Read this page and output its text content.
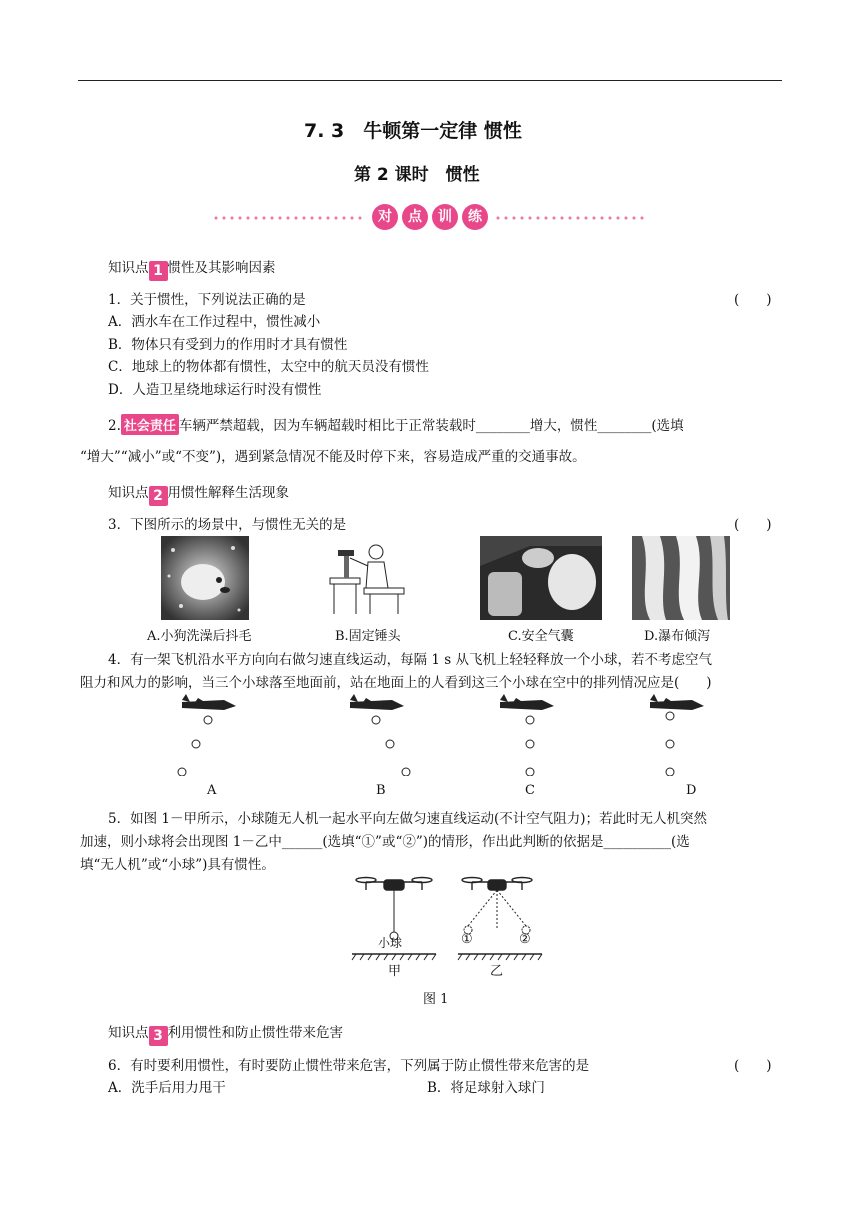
7. 3　牛顿第一定律 惯性
第 2 课时　惯性
对	点	训	练
知识点 1 惯性及其影响因素
1．关于惯性，下列说法正确的是	(　　)
A．洒水车在工作过程中，惯性减小
B．物体只有受到力的作用时才具有惯性
C．地球上的物体都有惯性，太空中的航天员没有惯性
D．人造卫星绕地球运行时没有惯性
2. 社会责任 车辆严禁超载，因为车辆超载时相比于正常装载时________增大，惯性________(选填
“增大”“减小”或“不变”)，遇到紧急情况不能及时停下来，容易造成严重的交通事故。
知识点 2 用惯性解释生活现象
3．下图所示的场景中，与惯性无关的是	(　　)
A.小狗洗澡后抖毛	B.固定锤头	C.安全气囊	D.瀑布倾泻
4．有一架飞机沿水平方向向右做匀速直线运动，每隔 1 s 从飞机上轻轻释放一个小球，若不考虑空气
阻力和风力的影响，当三个小球落至地面前，站在地面上的人看到这三个小球在空中的排列情况应是(　　)
A	B	C	D
5．如图 1－甲所示，小球随无人机一起水平向左做匀速直线运动(不计空气阻力)；若此时无人机突然
加速，则小球将会出现图 1－乙中______(选填“①”或“②”)的情形，作出此判断的依据是__________(选
填“无人机”或“小球”)具有惯性。
小球	①	②
甲	乙
图 1
知识点 3 利用惯性和防止惯性带来危害
6．有时要利用惯性，有时要防止惯性带来危害，下列属于防止惯性带来危害的是	(　　)
A．洗手后用力甩干	B．将足球射入球门
